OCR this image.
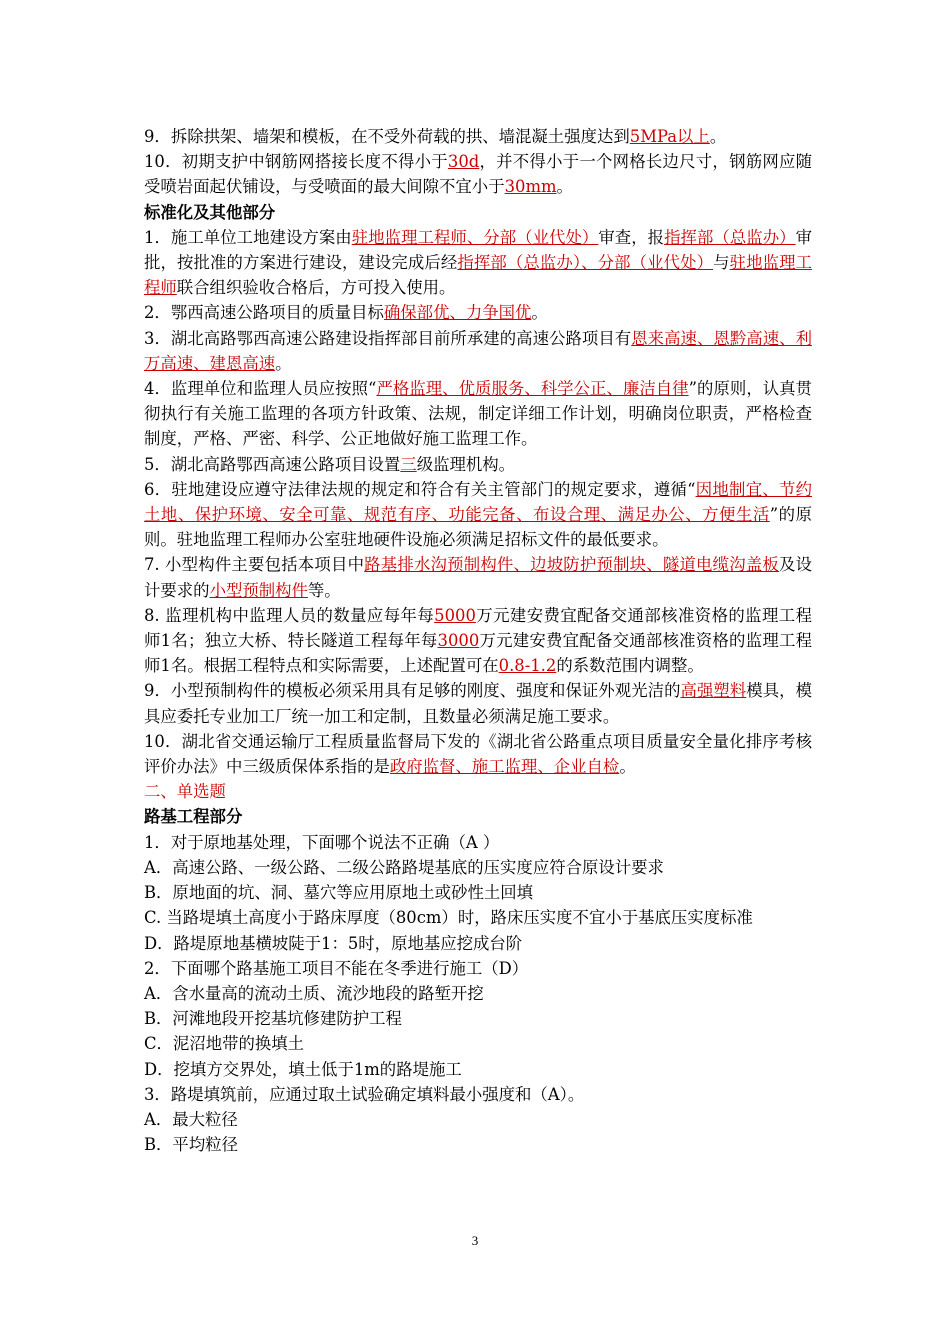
9．拆除拱架、墙架和模板，在不受外荷载的拱、墙混凝土强度达到5MPa以上。

10．初期支护中钢筋网搭接长度不得小于30d，并不得小于一个网格长边尺寸，钢筋网应随受喷岩面起伏铺设，与受喷面的最大间隙不宜小于30mm。

标准化及其他部分

1．施工单位工地建设方案由驻地监理工程师、分部（业代处）审查，报指挥部（总监办）审批，按批准的方案进行建设，建设完成后经指挥部（总监办）、分部（业代处）与驻地监理工程师联合组织验收合格后，方可投入使用。

2．鄂西高速公路项目的质量目标确保部优、力争国优。

3．湖北高路鄂西高速公路建设指挥部目前所承建的高速公路项目有恩来高速、恩黔高速、利万高速、建恩高速。

4．监理单位和监理人员应按照“严格监理、优质服务、科学公正、廉洁自律”的原则，认真贯彻执行有关施工监理的各项方针政策、法规，制定详细工作计划，明确岗位职责，严格检查制度，严格、严密、科学、公正地做好施工监理工作。

5．湖北高路鄂西高速公路项目设置三级监理机构。

6．驻地建设应遵守法律法规的规定和符合有关主管部门的规定要求，遵循“因地制宜、节约土地、保护环境、安全可靠、规范有序、功能完备、布设合理、满足办公、方便生活”的原则。驻地监理工程师办公室驻地硬件设施必须满足招标文件的最低要求。

7. 小型构件主要包括本项目中路基排水沟预制构件、边坡防护预制块、隧道电缆沟盖板及设计要求的小型预制构件等。

8. 监理机构中监理人员的数量应每年每5000万元建安费宜配备交通部核准资格的监理工程师1名；独立大桥、特长隧道工程每年每3000万元建安费宜配备交通部核准资格的监理工程师1名。根据工程特点和实际需要，上述配置可在0.8-1.2的系数范围内调整。

9．小型预制构件的模板必须采用具有足够的刚度、强度和保证外观光洁的高强塑料模具，模具应委托专业加工厂统一加工和定制，且数量必须满足施工要求。

10．湖北省交通运输厅工程质量监督局下发的《湖北省公路重点项目质量安全量化排序考核评价办法》中三级质保体系指的是政府监督、施工监理、企业自检。

二、单选题

路基工程部分

1．对于原地基处理，下面哪个说法不正确（A ）

A．高速公路、一级公路、二级公路路堤基底的压实度应符合原设计要求

B．原地面的坑、洞、墓穴等应用原地土或砂性土回填

C. 当路堤填土高度小于路床厚度（80cm）时，路床压实度不宜小于基底压实度标准

D．路堤原地基横坡陡于1：5时，原地基应挖成台阶

2．下面哪个路基施工项目不能在冬季进行施工（D）

A．含水量高的流动土质、流沙地段的路堑开挖

B．河滩地段开挖基坑修建防护工程

C．泥沼地带的换填土

D．挖填方交界处，填土低于1m的路堤施工

3．路堤填筑前，应通过取土试验确定填料最小强度和（A）。

A．最大粒径

B．平均粒径

3
